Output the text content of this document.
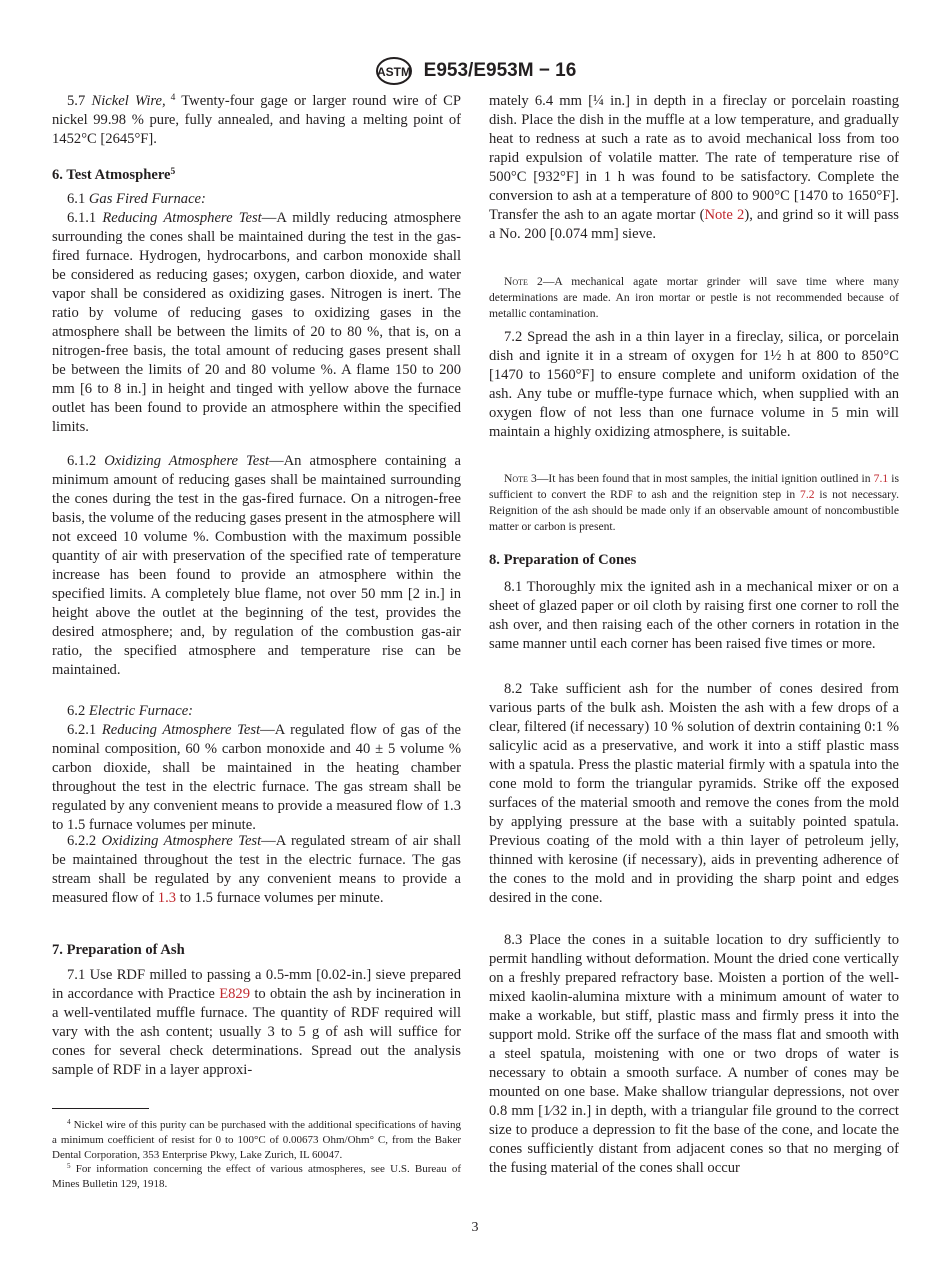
ASTM E953/E953M − 16
5.7 Nickel Wire, $^4$ Twenty-four gage or larger round wire of CP nickel 99.98 % pure, fully annealed, and having a melting point of 1452°C [2645°F].
6. Test Atmosphere$^5$
6.1 Gas Fired Furnace:
6.1.1 Reducing Atmosphere Test—A mildly reducing atmosphere surrounding the cones shall be maintained during the test in the gas-fired furnace. Hydrogen, hydrocarbons, and carbon monoxide shall be considered as reducing gases; oxygen, carbon dioxide, and water vapor shall be considered as oxidizing gases. Nitrogen is inert. The ratio by volume of reducing gases to oxidizing gases in the atmosphere shall be between the limits of 20 to 80 %, that is, on a nitrogen-free basis, the total amount of reducing gases present shall be between the limits of 20 and 80 volume %. A flame 150 to 200 mm [6 to 8 in.] in height and tinged with yellow above the furnace outlet has been found to provide an atmosphere within the specified limits.
6.1.2 Oxidizing Atmosphere Test—An atmosphere containing a minimum amount of reducing gases shall be maintained surrounding the cones during the test in the gas-fired furnace. On a nitrogen-free basis, the volume of the reducing gases present in the atmosphere will not exceed 10 volume %. Combustion with the maximum possible quantity of air with preservation of the specified rate of temperature increase has been found to provide an atmosphere within the specified limits. A completely blue flame, not over 50 mm [2 in.] in height above the outlet at the beginning of the test, provides the desired atmosphere; and, by regulation of the combustion gas-air ratio, the specified atmosphere and temperature rise can be maintained.
6.2 Electric Furnace:
6.2.1 Reducing Atmosphere Test—A regulated flow of gas of the nominal composition, 60 % carbon monoxide and 40 ± 5 volume % carbon dioxide, shall be maintained in the heating chamber throughout the test in the electric furnace. The gas stream shall be regulated by any convenient means to provide a measured flow of 1.3 to 1.5 furnace volumes per minute.
6.2.2 Oxidizing Atmosphere Test—A regulated stream of air shall be maintained throughout the test in the electric furnace. The gas stream shall be regulated by any convenient means to provide a measured flow of 1.3 to 1.5 furnace volumes per minute.
7. Preparation of Ash
7.1 Use RDF milled to passing a 0.5-mm [0.02-in.] sieve prepared in accordance with Practice E829 to obtain the ash by incineration in a well-ventilated muffle furnace. The quantity of RDF required will vary with the ash content; usually 3 to 5 g of ash will suffice for cones for several check determinations. Spread out the analysis sample of RDF in a layer approxi-
$^4$ Nickel wire of this purity can be purchased with the additional specifications of having a minimum coefficient of resist for 0 to 100°C of 0.00673 Ohm/Ohm° C, from the Baker Dental Corporation, 353 Enterprise Pkwy, Lake Zurich, IL 60047.
$^5$ For information concerning the effect of various atmospheres, see U.S. Bureau of Mines Bulletin 129, 1918.
mately 6.4 mm [¼ in.] in depth in a fireclay or porcelain roasting dish. Place the dish in the muffle at a low temperature, and gradually heat to redness at such a rate as to avoid mechanical loss from too rapid expulsion of volatile matter. The rate of temperature rise of 500°C [932°F] in 1 h was found to be satisfactory. Complete the conversion to ash at a temperature of 800 to 900°C [1470 to 1650°F]. Transfer the ash to an agate mortar (Note 2), and grind so it will pass a No. 200 [0.074 mm] sieve.
Note 2—A mechanical agate mortar grinder will save time where many determinations are made. An iron mortar or pestle is not recommended because of metallic contamination.
7.2 Spread the ash in a thin layer in a fireclay, silica, or porcelain dish and ignite it in a stream of oxygen for 1½ h at 800 to 850°C [1470 to 1560°F] to ensure complete and uniform oxidation of the ash. Any tube or muffle-type furnace which, when supplied with an oxygen flow of not less than one furnace volume in 5 min will maintain a highly oxidizing atmosphere, is suitable.
Note 3—It has been found that in most samples, the initial ignition outlined in 7.1 is sufficient to convert the RDF to ash and the reignition step in 7.2 is not necessary. Reignition of the ash should be made only if an observable amount of noncombustible matter or carbon is present.
8. Preparation of Cones
8.1 Thoroughly mix the ignited ash in a mechanical mixer or on a sheet of glazed paper or oil cloth by raising first one corner to roll the ash over, and then raising each of the other corners in rotation in the same manner until each corner has been raised five times or more.
8.2 Take sufficient ash for the number of cones desired from various parts of the bulk ash. Moisten the ash with a few drops of a clear, filtered (if necessary) 10 % solution of dextrin containing 0:1 % salicylic acid as a preservative, and work it into a stiff plastic mass with a spatula. Press the plastic material firmly with a spatula into the cone mold to form the triangular pyramids. Strike off the exposed surfaces of the material smooth and remove the cones from the mold by applying pressure at the base with a suitably pointed spatula. Previous coating of the mold with a thin layer of petroleum jelly, thinned with kerosine (if necessary), aids in preventing adherence of the cones to the mold and in providing the sharp point and edges desired in the cone.
8.3 Place the cones in a suitable location to dry sufficiently to permit handling without deformation. Mount the dried cone vertically on a freshly prepared refractory base. Moisten a portion of the well-mixed kaolin-alumina mixture with a minimum amount of water to make a workable, but stiff, plastic mass and firmly press it into the support mold. Strike off the surface of the mass flat and smooth with a steel spatula, moistening with one or two drops of water is necessary to obtain a smooth surface. A number of cones may be mounted on one base. Make shallow triangular depressions, not over 0.8 mm [1⁄32 in.] in depth, with a triangular file ground to the correct size to produce a depression to fit the base of the cone, and locate the cones sufficiently distant from adjacent cones so that no merging of the fusing material of the cones shall occur
3
